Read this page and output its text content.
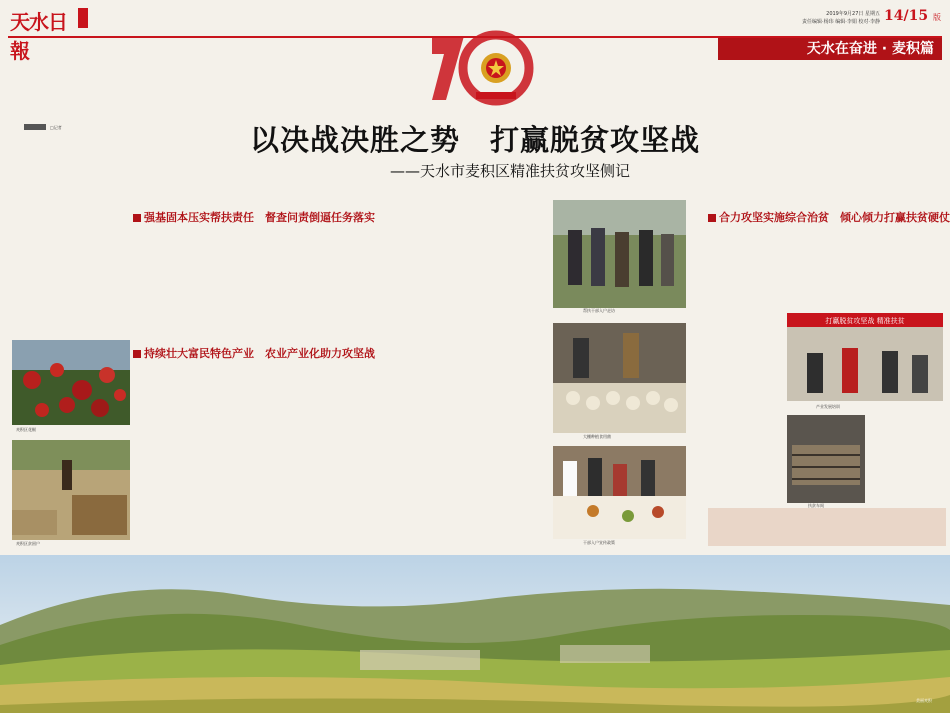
天水日報
2019年9月27日 星期五
责任编辑·杨玮 编辑·李娟 校对·李静 14/15 版
天水在奋进 · 麦积篇
以决战决胜之势　打赢脱贫攻坚战
——天水市麦积区精准扶贫攻坚侧记
□记者
强基固本压实帮扶责任　督查问责倒逼任务落实
持续壮大富民特色产业　农业产业化助力攻坚战
麦积区花椒
麦积区贫困户
帮扶干部入户走访
大棚种植食用菌
干部入户宣传政策
合力攻坚实施综合治贫　倾心倾力打赢扶贫硬仗
打赢脱贫攻坚战 精准扶贫
产业发展培训
扶贫车间
美丽麦积
